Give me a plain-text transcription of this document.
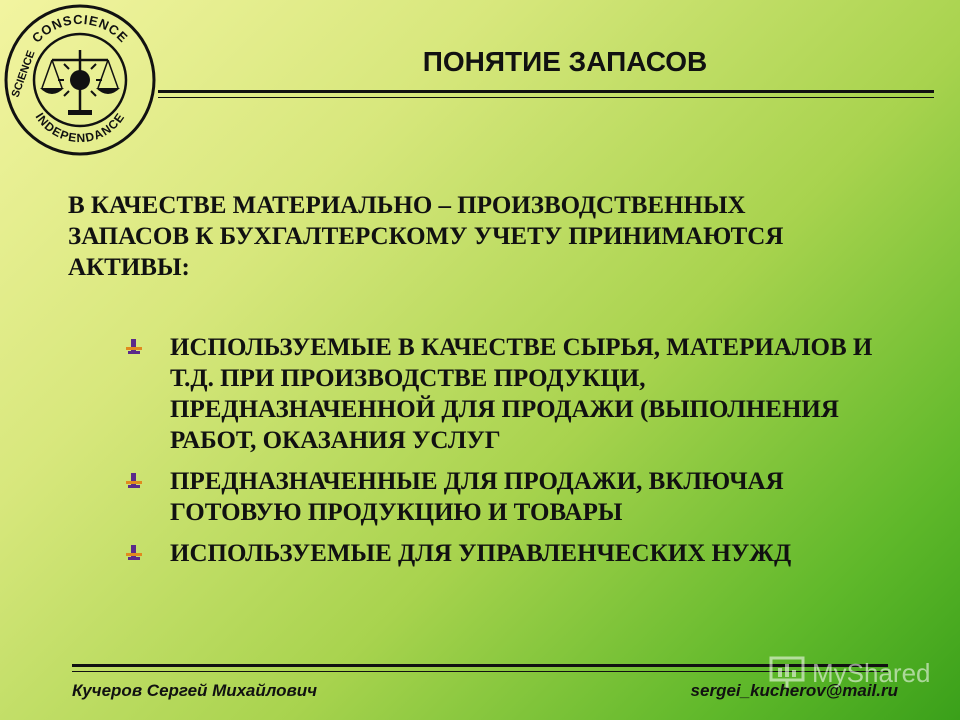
CONSCIENCE
INDEPENDANCE
SCIENCE	ПОНЯТИЕ ЗАПАСОВ

В КАЧЕСТВЕ МАТЕРИАЛЬНО – ПРОИЗВОДСТВЕННЫХ ЗАПАСОВ К БУХГАЛТЕРСКОМУ УЧЕТУ ПРИНИМАЮТСЯ АКТИВЫ:

ИСПОЛЬЗУЕМЫЕ В КАЧЕСТВЕ СЫРЬЯ, МАТЕРИАЛОВ И Т.Д. ПРИ ПРОИЗВОДСТВЕ ПРОДУКЦИ, ПРЕДНАЗНАЧЕННОЙ ДЛЯ ПРОДАЖИ (ВЫПОЛНЕНИЯ РАБОТ, ОКАЗАНИЯ УСЛУГ
ПРЕДНАЗНАЧЕННЫЕ ДЛЯ ПРОДАЖИ, ВКЛЮЧАЯ ГОТОВУЮ ПРОДУКЦИЮ И ТОВАРЫ
ИСПОЛЬЗУЕМЫЕ ДЛЯ УПРАВЛЕНЧЕСКИХ НУЖД
Кучеров Сергей Михайлович	sergei_kucherov@mail.ru
MyShared
